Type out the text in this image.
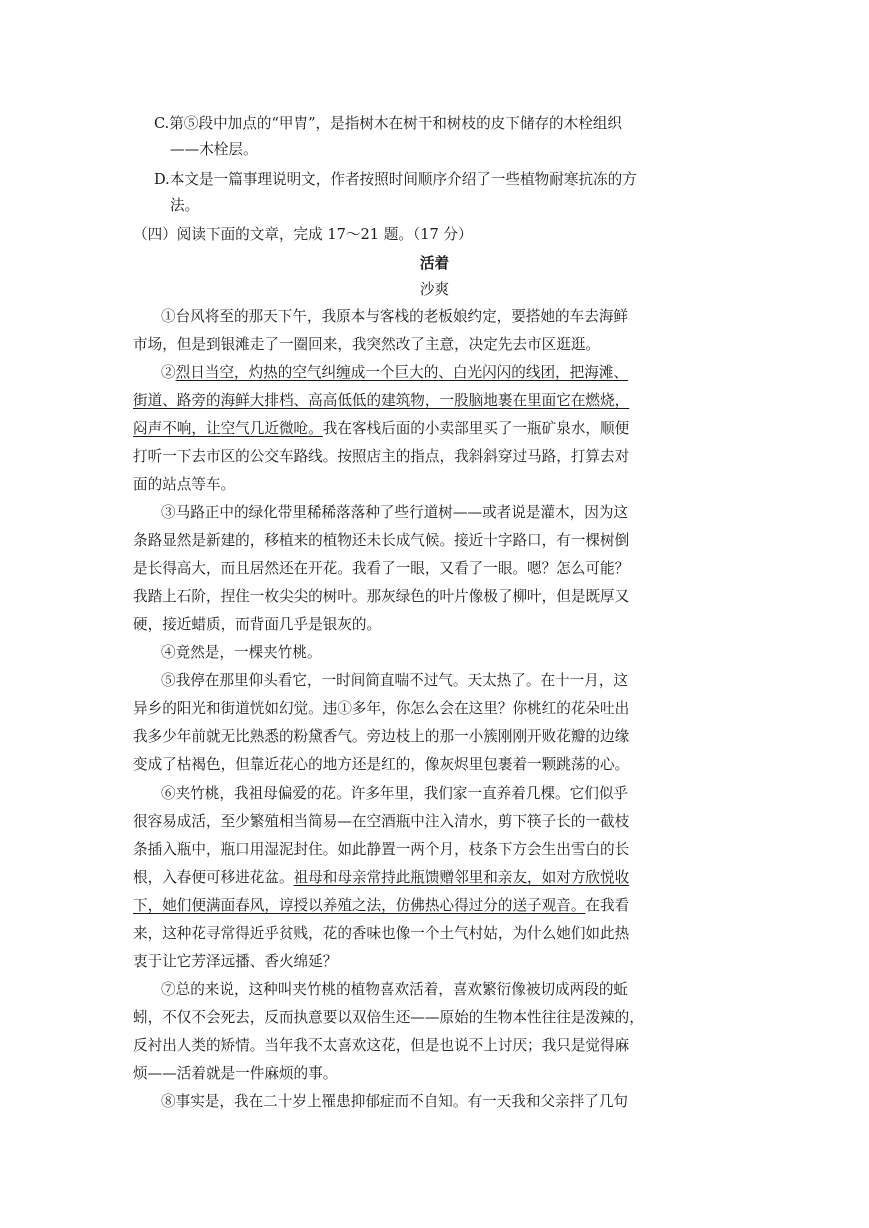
C.第⑤段中加点的“甲胄”，是指树木在树干和树枝的皮下储存的木栓组织
——木栓层。
D.本文是一篇事理说明文，作者按照时间顺序介绍了一些植物耐寒抗冻的方
法。
（四）阅读下面的文章，完成 17～21 题。（17 分）
活着
沙爽
①台风将至的那天下午，我原本与客栈的老板娘约定，要搭她的车去海鲜
市场，但是到银滩走了一圈回来，我突然改了主意，决定先去市区逛逛。
②烈日当空，灼热的空气纠缠成一个巨大的、白光闪闪的线团，把海滩、
街道、路旁的海鲜大排档、高高低低的建筑物，一股脑地裹在里面它在燃烧，
闷声不响，让空气几近微呛。我在客栈后面的小卖部里买了一瓶矿泉水，顺便
打听一下去市区的公交车路线。按照店主的指点，我斜斜穿过马路，打算去对
面的站点等车。
③马路正中的绿化带里稀稀落落种了些行道树——或者说是灌木，因为这
条路显然是新建的，移植来的植物还未长成气候。接近十字路口，有一棵树倒
是长得高大，而且居然还在开花。我看了一眼，又看了一眼。嗯？怎么可能？
我踏上石阶，捏住一枚尖尖的树叶。那灰绿色的叶片像极了柳叶，但是既厚又
硬，接近蜡质，而背面几乎是银灰的。
④竟然是，一棵夹竹桃。
⑤我停在那里仰头看它，一时间简直喘不过气。天太热了。在十一月，这
异乡的阳光和街道恍如幻觉。违①多年，你怎么会在这里？你桃红的花朵吐出
我多少年前就无比熟悉的粉黛香气。旁边枝上的那一小簇刚刚开败花瓣的边缘
变成了枯褐色，但靠近花心的地方还是红的，像灰烬里包裹着一颗跳荡的心。
⑥夹竹桃，我祖母偏爱的花。许多年里，我们家一直养着几棵。它们似乎
很容易成活，至少繁殖相当简易—在空酒瓶中注入清水，剪下筷子长的一截枝
条插入瓶中，瓶口用湿泥封住。如此静置一两个月，枝条下方会生出雪白的长
根，入春便可移进花盆。祖母和母亲常持此瓶馈赠邻里和亲友，如对方欣悦收
下，她们便满面春风，谆授以养殖之法，仿佛热心得过分的送子观音。在我看
来，这种花寻常得近乎贫贱，花的香味也像一个土气村姑，为什么她们如此热
衷于让它芳泽远播、香火绵延？
⑦总的来说，这种叫夹竹桃的植物喜欢活着，喜欢繁衍像被切成两段的蚯
蚓，不仅不会死去，反而执意要以双倍生还——原始的生物本性往往是泼辣的，
反衬出人类的矫情。当年我不太喜欢这花，但是也说不上讨厌；我只是觉得麻
烦——活着就是一件麻烦的事。
⑧事实是，我在二十岁上罹患抑郁症而不自知。有一天我和父亲拌了几句
